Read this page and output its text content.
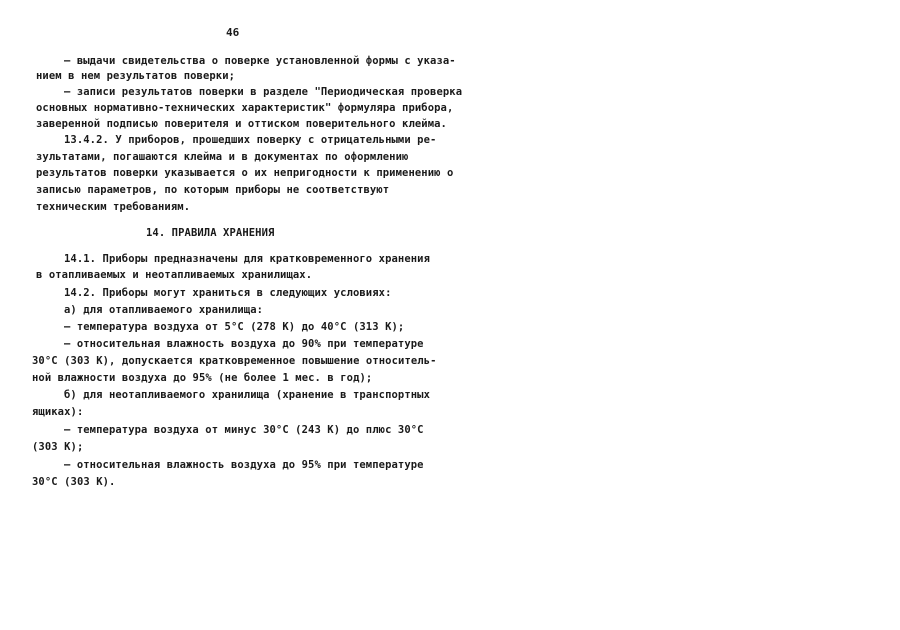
46
– выдачи свидетельства о поверке установленной формы с указа-
нием в нем результатов поверки;
– записи результатов поверки в разделе "Периодическая проверка
основных нормативно-технических характеристик" формуляра прибора,
заверенной подписью поверителя и оттиском поверительного клейма.
13.4.2. У приборов, прошедших поверку с отрицательными ре-
зультатами, погашаются клейма и в документах по оформлению
результатов поверки указывается о их непригодности к применению о
записью параметров, по которым приборы не соответствуют
техническим требованиям.
14. ПРАВИЛА ХРАНЕНИЯ
14.1. Приборы предназначены для кратковременного хранения
в отапливаемых и неотапливаемых хранилищах.
14.2. Приборы могут храниться в следующих условиях:
а) для отапливаемого хранилища:
– температура воздуха от 5°С (278 К) до 40°С (313 К);
– относительная влажность воздуха до 90% при температуре
30°С (303 К), допускается кратковременное повышение относитель-
ной влажности воздуха до 95% (не более 1 мес. в год);
б) для неотапливаемого хранилища (хранение в транспортных
ящиках):
– температура воздуха от минус 30°С (243 К) до плюс 30°С
(303 К);
– относительная влажность воздуха до 95% при температуре
30°С (303 К).
